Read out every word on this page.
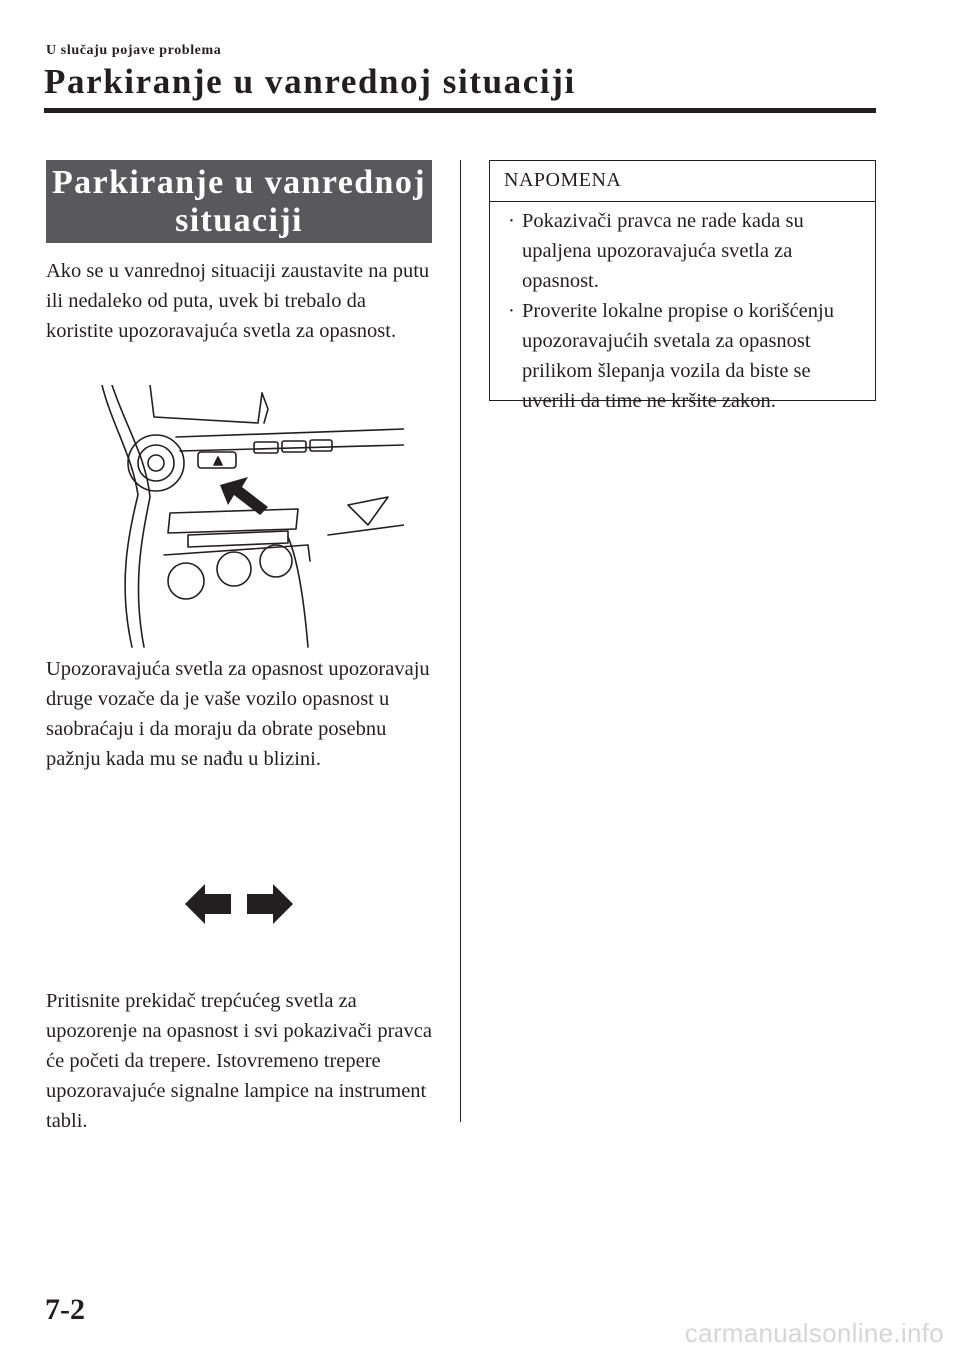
U slučaju pojave problema
Parkiranje u vanrednoj situaciji
Parkiranje u vanrednoj situaciji

Ako se u vanrednoj situaciji zaustavite na putu ili nedaleko od puta, uvek bi trebalo da koristite upozoravajuća svetla za opasnost.

Upozoravajuća svetla za opasnost upozoravaju druge vozače da je vaše vozilo opasnost u saobraćaju i da moraju da obrate posebnu pažnju kada mu se nađu u blizini.

Pritisnite prekidač trepćućeg svetla za upozorenje na opasnost i svi pokazivači pravca će početi da trepere. Istovremeno trepere upozoravajuće signalne lampice na instrument tabli.

NAPOMENA
· Pokazivači pravca ne rade kada su upaljena upozoravajuća svetla za opasnost.
· Proverite lokalne propise o korišćenju upozoravajućih svetala za opasnost prilikom šlepanja vozila da biste se uverili da time ne kršite zakon.
7-2
carmanualsonline.info
